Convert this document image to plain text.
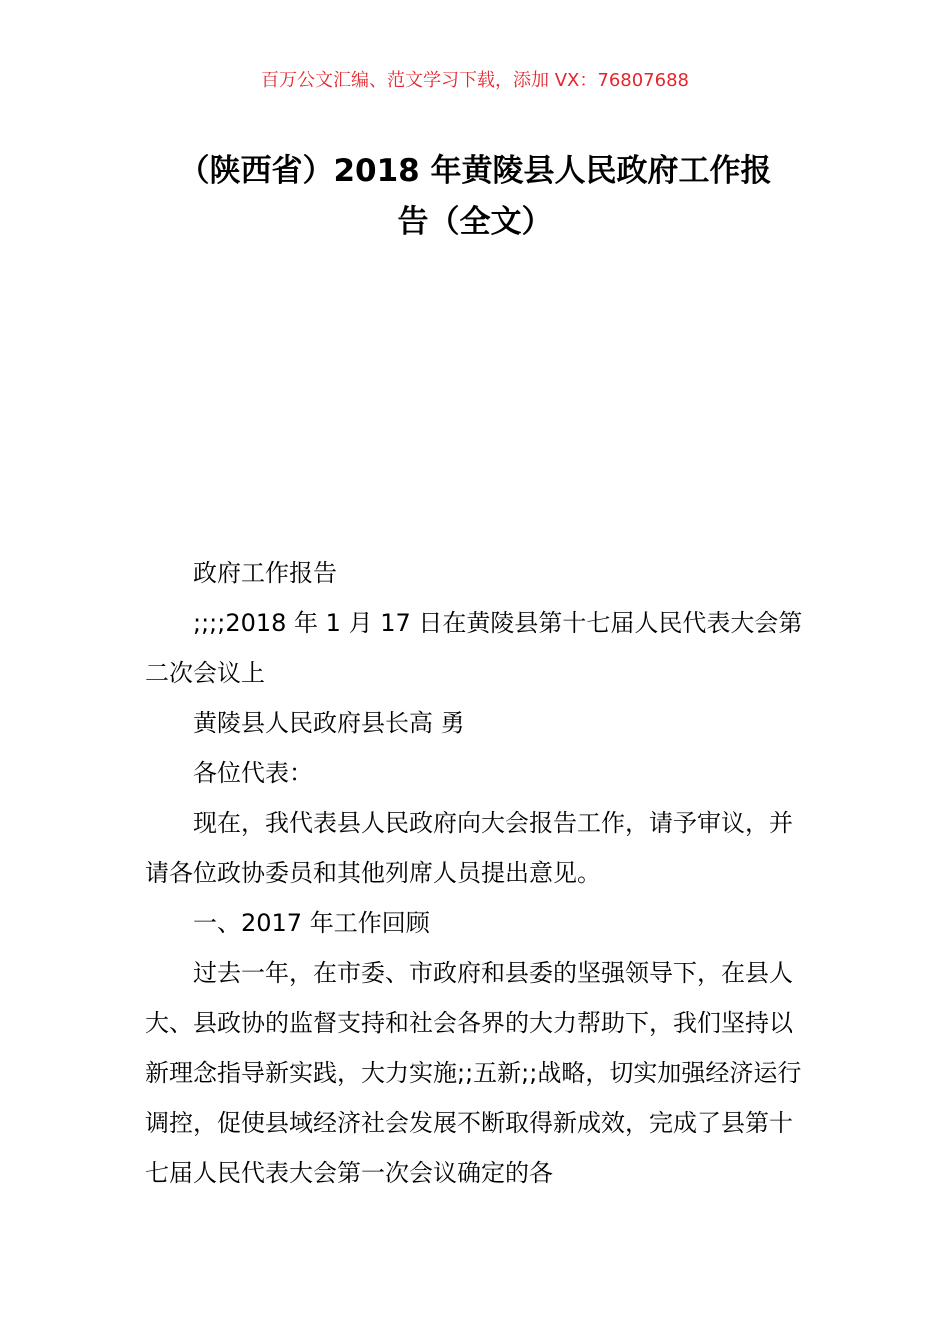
百万公文汇编、范文学习下载，添加 VX：76807688
（陕西省）2018 年黄陵县人民政府工作报
告（全文）

政府工作报告

;;;;2018 年 1 月 17 日在黄陵县第十七届人民代表大会第二次会议上

黄陵县人民政府县长高 勇

各位代表：

现在，我代表县人民政府向大会报告工作，请予审议，并请各位政协委员和其他列席人员提出意见。

一、2017 年工作回顾

过去一年，在市委、市政府和县委的坚强领导下，在县人大、县政协的监督支持和社会各界的大力帮助下，我们坚持以新理念指导新实践，大力实施;;五新;;战略，切实加强经济运行调控，促使县域经济社会发展不断取得新成效，完成了县第十七届人民代表大会第一次会议确定的各
